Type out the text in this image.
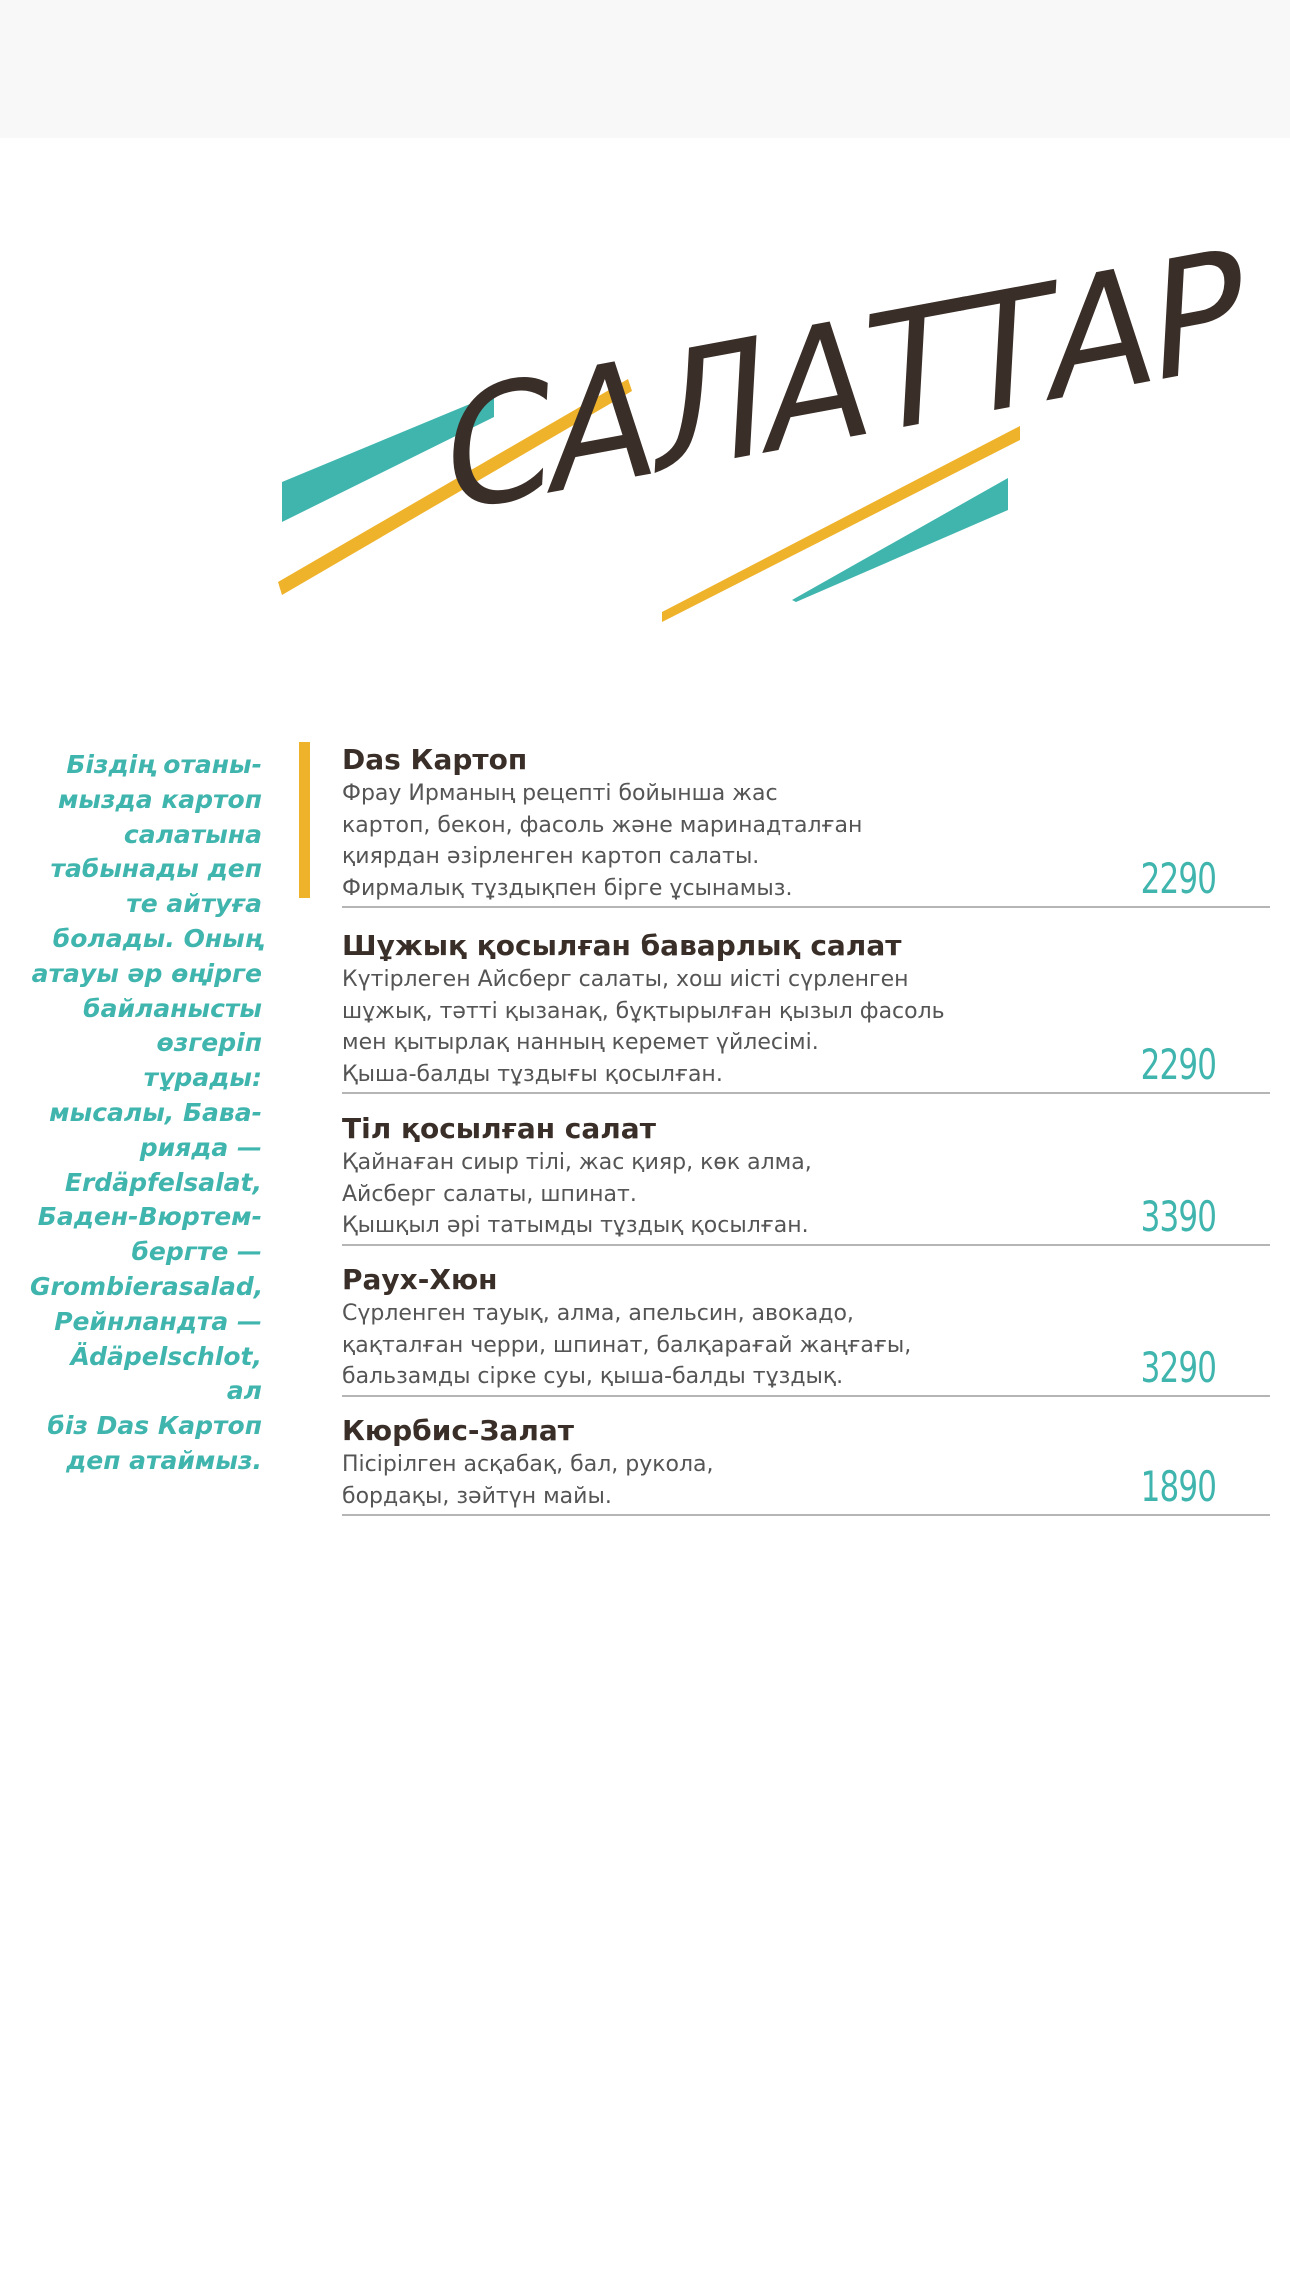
САЛАТТАР
Біздің отаны-
мызда картоп
салатына
табынады деп
те айтуға
болады. Оның
атауы әр өңірге
байланысты
өзгеріп тұрады:
мысалы, Бава-
рияда —
Erdäpfelsalat,
Баден-Вюртем-
бергте —
Grombierasalad,
Рейнландта —
Ädäpelschlot, ал
біз Das Картоп
деп атаймыз.
Das Картоп
Фрау Ирманың рецепті бойынша жас
картоп, бекон, фасоль және маринадталған
қиярдан әзірленген картоп салаты.
Фирмалық тұздықпен бірге ұсынамыз.	2290
Шұжық қосылған баварлық салат
Күтірлеген Айсберг салаты, хош иісті сүрленген
шұжық, тәтті қызанақ, бұқтырылған қызыл фасоль
мен қытырлақ нанның керемет үйлесімі.
Қыша-балды тұздығы қосылған.	2290
Тіл қосылған салат
Қайнаған сиыр тілі, жас қияр, көк алма,
Айсберг салаты, шпинат.
Қышқыл әрі татымды тұздық қосылған.	3390
Раух-Хюн
Сүрленген тауық, алма, апельсин, авокадо,
қақталған черри, шпинат, балқарағай жаңғағы,
бальзамды сірке суы, қыша-балды тұздық.	3290
Кюрбис-Залат
Пісірілген асқабақ, бал, рукола,
бордақы, зәйтүн майы.	1890
